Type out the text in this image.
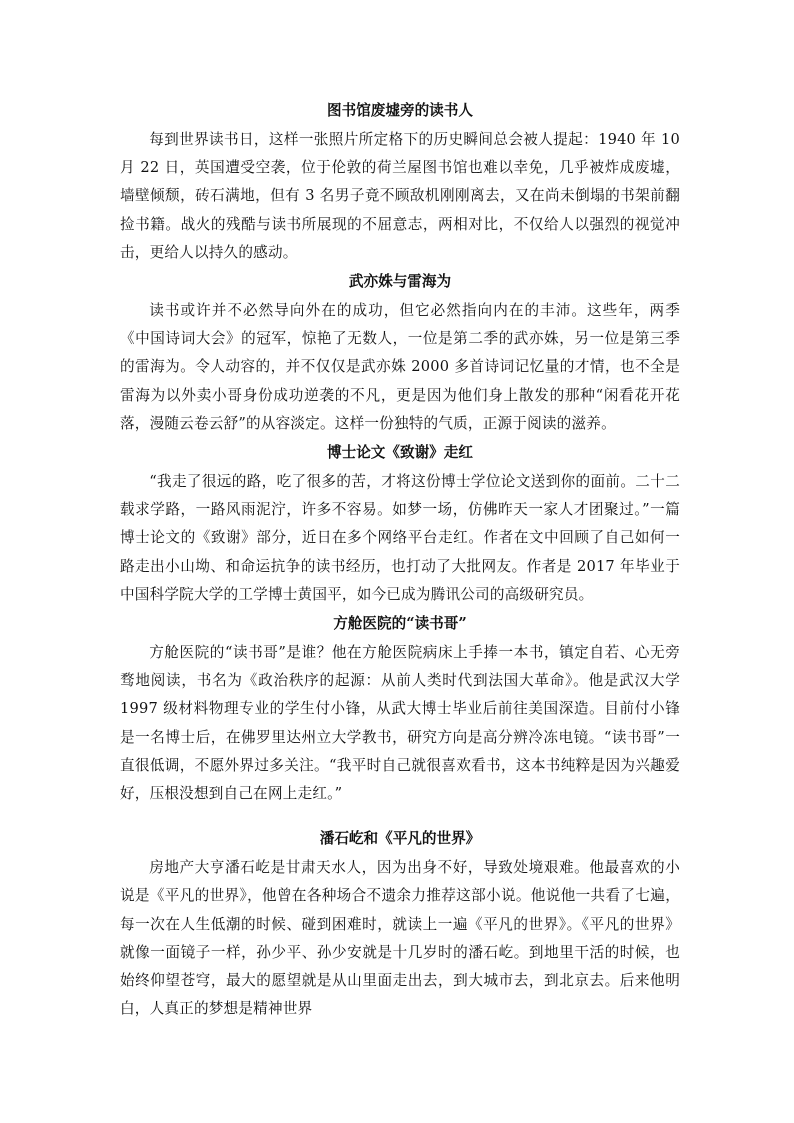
图书馆废墟旁的读书人

每到世界读书日，这样一张照片所定格下的历史瞬间总会被人提起：1940 年 10 月 22 日，英国遭受空袭，位于伦敦的荷兰屋图书馆也难以幸免，几乎被炸成废墟，墙壁倾颓，砖石满地，但有 3 名男子竟不顾敌机刚刚离去，又在尚未倒塌的书架前翻捡书籍。战火的残酷与读书所展现的不屈意志，两相对比，不仅给人以强烈的视觉冲击，更给人以持久的感动。

武亦姝与雷海为

读书或许并不必然导向外在的成功，但它必然指向内在的丰沛。这些年，两季《中国诗词大会》的冠军，惊艳了无数人，一位是第二季的武亦姝，另一位是第三季的雷海为。令人动容的，并不仅仅是武亦姝 2000 多首诗词记忆量的才情，也不全是雷海为以外卖小哥身份成功逆袭的不凡，更是因为他们身上散发的那种“闲看花开花落，漫随云卷云舒”的从容淡定。这样一份独特的气质，正源于阅读的滋养。

博士论文《致谢》走红

“我走了很远的路，吃了很多的苦，才将这份博士学位论文送到你的面前。二十二载求学路，一路风雨泥泞，许多不容易。如梦一场，仿佛昨天一家人才团聚过。”一篇博士论文的《致谢》部分，近日在多个网络平台走红。作者在文中回顾了自己如何一路走出小山坳、和命运抗争的读书经历，也打动了大批网友。作者是 2017 年毕业于中国科学院大学的工学博士黄国平，如今已成为腾讯公司的高级研究员。

方舱医院的“读书哥”

方舱医院的“读书哥”是谁？他在方舱医院病床上手捧一本书，镇定自若、心无旁骛地阅读，书名为《政治秩序的起源：从前人类时代到法国大革命》。他是武汉大学 1997 级材料物理专业的学生付小锋，从武大博士毕业后前往美国深造。目前付小锋是一名博士后，在佛罗里达州立大学教书，研究方向是高分辨冷冻电镜。“读书哥”一直很低调，不愿外界过多关注。“我平时自己就很喜欢看书，这本书纯粹是因为兴趣爱好，压根没想到自己在网上走红。”

潘石屹和《平凡的世界》

房地产大亨潘石屹是甘肃天水人，因为出身不好，导致处境艰难。他最喜欢的小说是《平凡的世界》，他曾在各种场合不遗余力推荐这部小说。他说他一共看了七遍，每一次在人生低潮的时候、碰到困难时，就读上一遍《平凡的世界》。《平凡的世界》就像一面镜子一样，孙少平、孙少安就是十几岁时的潘石屹。到地里干活的时候，也始终仰望苍穹，最大的愿望就是从山里面走出去，到大城市去，到北京去。后来他明白，人真正的梦想是精神世界
